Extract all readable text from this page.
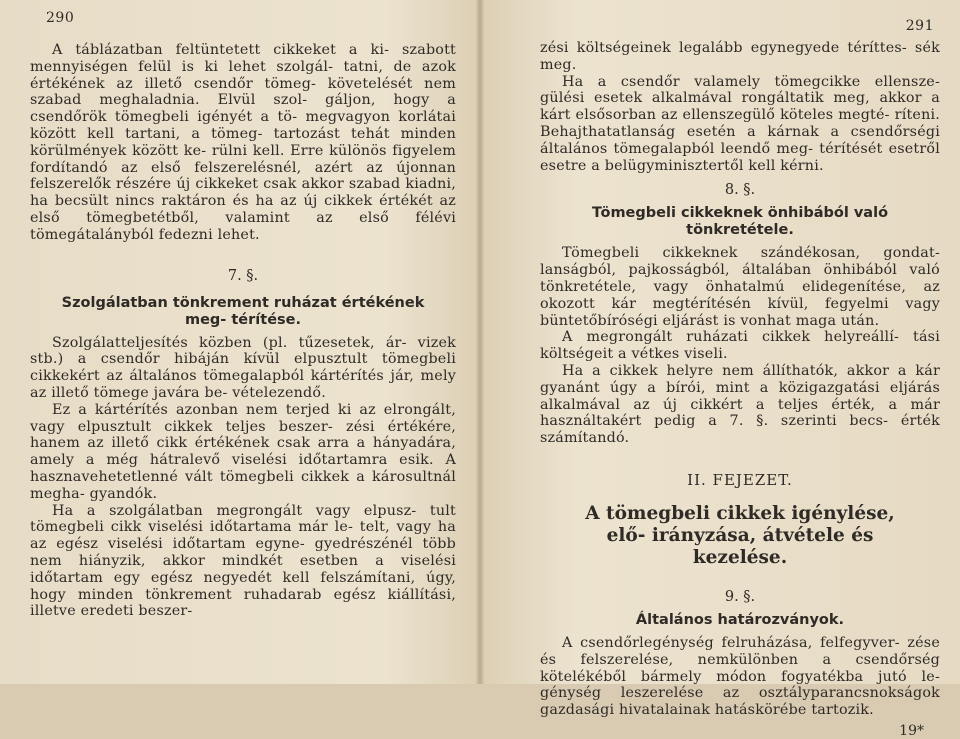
290

A táblázatban feltüntetett cikkeket a ki- szabott mennyiségen felül is ki lehet szolgál- tatni, de azok értékének az illető csendőr tömeg- követelését nem szabad meghaladnia. Elvül szol- gáljon, hogy a csendőrök tömegbeli igényét a tö- megvagyon korlátai között kell tartani, a tömeg- tartozást tehát minden körülmények között ke- rülni kell. Erre különös figyelem fordítandó az első felszerelésnél, azért az újonnan felszerelők részére új cikkeket csak akkor szabad kiadni, ha becsült nincs raktáron és ha az új cikkek értékét az első tömegbetétből, valamint az első félévi tömegátalányból fedezni lehet.

7. §.
Szolgálatban tönkrement ruházat értékének meg- térítése.

Szolgálatteljesítés közben (pl. tűzesetek, ár- vizek stb.) a csendőr hibáján kívül elpusztult tömegbeli cikkekért az általános tömegalapból kártérítés jár, mely az illető tömege javára be- vételezendő.

Ez a kártérítés azonban nem terjed ki az elrongált, vagy elpusztult cikkek teljes beszer- zési értékére, hanem az illető cikk értékének csak arra a hányadára, amely a még hátralevő viselési időtartamra esik. A hasznavehetetlenné vált tömegbeli cikkek a károsultnál megha- gyandók.

Ha a szolgálatban megrongált vagy elpusz- tult tömegbeli cikk viselési időtartama már le- telt, vagy ha az egész viselési időtartam egyne- gyedrészénél több nem hiányzik, akkor mindkét esetben a viselési időtartam egy egész negyedét kell felszámítani, úgy, hogy minden tönkrement ruhadarab egész kiállítási, illetve eredeti beszer-

291

zési költségeinek legalább egynegyede téríttes- sék meg.

Ha a csendőr valamely tömegcikke ellensze- gülési esetek alkalmával rongáltatik meg, akkor a kárt elsősorban az ellenszegülő köteles megté- ríteni. Behajthatatlanság esetén a kárnak a csendőrségi általános tömegalapból leendő meg- térítését esetről esetre a belügyminisztertől kell kérni.

8. §.
Tömegbeli cikkeknek önhibából való tönkretétele.

Tömegbeli cikkeknek szándékosan, gondat- lanságból, pajkosságból, általában önhibából való tönkretétele, vagy önhatalmú elidegenítése, az okozott kár megtérítésén kívül, fegyelmi vagy büntetőbíróségi eljárást is vonhat maga után.

A megrongált ruházati cikkek helyreállí- tási költségeit a vétkes viseli.

Ha a cikkek helyre nem állíthatók, akkor a kár gyanánt úgy a bírói, mint a közigazgatási eljárás alkalmával az új cikkért a teljes érték, a már használtakért pedig a 7. §. szerinti becs- érték számítandó.

II. FEJEZET.
A tömegbeli cikkek igénylése, elő- irányzása, átvétele és kezelése.
9. §.
Általános határozványok.

A csendőrlegénység felruházása, felfegyver- zése és felszerelése, nemkülönben a csendőrség kötelékéből bármely módon fogyatékba jutó le- génység leszerelése az osztályparancsnokságok gazdasági hivatalainak hatáskörébe tartozik.

19*
